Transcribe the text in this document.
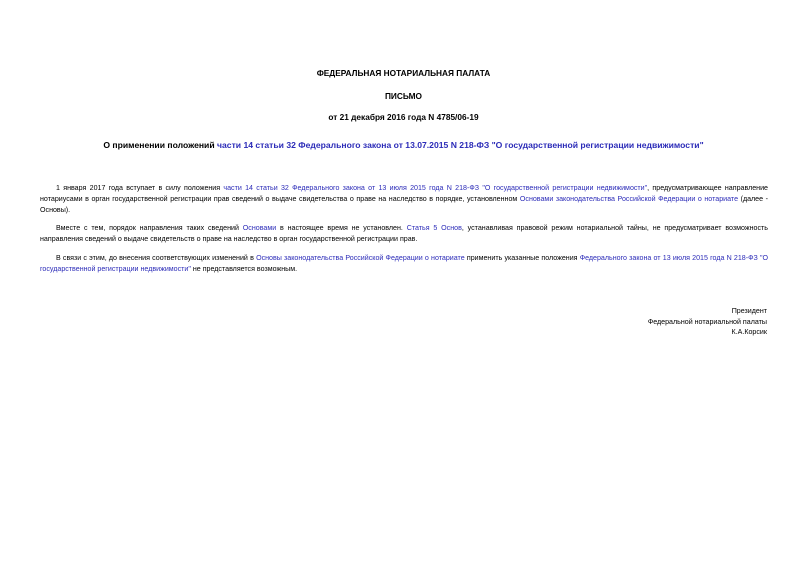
ФЕДЕРАЛЬНАЯ НОТАРИАЛЬНАЯ ПАЛАТА
ПИСЬМО
от 21 декабря 2016 года N 4785/06-19
О применении положений части 14 статьи 32 Федерального закона от 13.07.2015 N 218-ФЗ "О государственной регистрации недвижимости"

1 января 2017 года вступает в силу положения части 14 статьи 32 Федерального закона от 13 июля 2015 года N 218-ФЗ "О государственной регистрации недвижимости", предусматривающее направление нотариусами в орган государственной регистрации прав сведений о выдаче свидетельства о праве на наследство в порядке, установленном Основами законодательства Российской Федерации о нотариате (далее - Основы).

Вместе с тем, порядок направления таких сведений Основами в настоящее время не установлен. Статья 5 Основ, устанавливая правовой режим нотариальной тайны, не предусматривает возможность направления сведений о выдаче свидетельств о праве на наследство в орган государственной регистрации прав.

В связи с этим, до внесения соответствующих изменений в Основы законодательства Российской Федерации о нотариате применить указанные положения Федерального закона от 13 июля 2015 года N 218-ФЗ "О государственной регистрации недвижимости" не представляется возможным.

Президент
Федеральной нотариальной палаты
К.А.Корсик
